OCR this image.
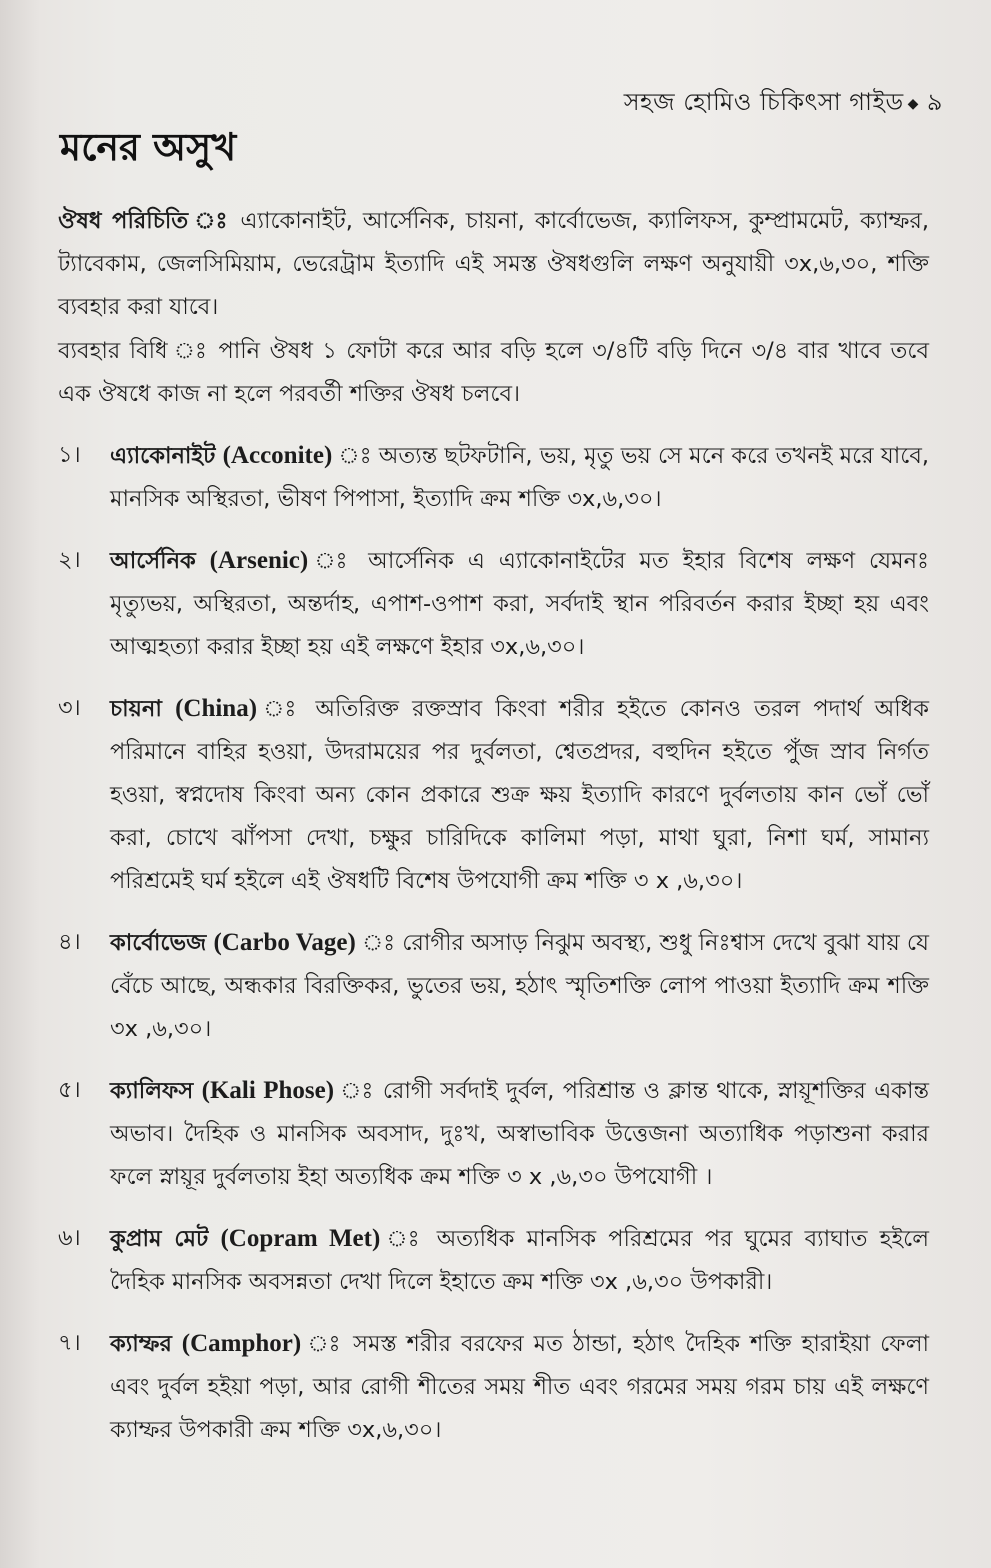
সহজ হোমিও চিকিৎসা গাইড ◆ ৯
মনের অসুখ

ঔষধ পরিচিতি ঃ এ্যাকোনাইট, আর্সেনিক, চায়না, কার্বোভেজ, ক্যালিফস, কুম্প্রামমেট, ক্যাম্ফর, ট্যাবেকাম, জেলসিমিয়াম, ভেরেট্রাম ইত্যাদি এই সমস্ত ঔষধগুলি লক্ষণ অনুযায়ী ৩x,৬,৩০, শক্তি ব্যবহার করা যাবে।

ব্যবহার বিধি ঃ পানি ঔষধ ১ ফোটা করে আর বড়ি হলে ৩/৪টি বড়ি দিনে ৩/৪ বার খাবে তবে এক ঔষধে কাজ না হলে পরবর্তী শক্তির ঔষধ চলবে।

১।	এ্যাকোনাইট (Acconite) ঃ অত্যন্ত ছটফটানি, ভয়, মৃতু ভয় সে মনে করে তখনই মরে যাবে, মানসিক অস্থিরতা, ভীষণ পিপাসা, ইত্যাদি ক্রম শক্তি ৩x,৬,৩০।
২।	আর্সেনিক (Arsenic) ঃ আর্সেনিক এ এ্যাকোনাইটের মত ইহার বিশেষ লক্ষণ যেমনঃ মৃত্যুভয়, অস্থিরতা, অন্তর্দাহ, এপাশ-ওপাশ করা, সর্বদাই স্থান পরিবর্তন করার ইচ্ছা হয় এবং আত্মহত্যা করার ইচ্ছা হয় এই লক্ষণে ইহার ৩x,৬,৩০।
৩।	চায়না (China) ঃ অতিরিক্ত রক্তস্রাব কিংবা শরীর হইতে কোনও তরল পদার্থ অধিক পরিমানে বাহির হওয়া, উদরাময়ের পর দুর্বলতা, শ্বেতপ্রদর, বহুদিন হইতে পুঁজ স্রাব নির্গত হওয়া, স্বপ্নদোষ কিংবা অন্য কোন প্রকারে শুক্র ক্ষয় ইত্যাদি কারণে দুর্বলতায় কান ভোঁ ভোঁ করা, চোখে ঝাঁপসা দেখা, চক্ষুর চারিদিকে কালিমা পড়া, মাথা ঘুরা, নিশা ঘর্ম, সামান্য পরিশ্রমেই ঘর্ম হইলে এই ঔষধটি বিশেষ উপযোগী ক্রম শক্তি ৩ x ,৬,৩০।
৪।	কার্বোভেজ (Carbo Vage) ঃ রোগীর অসাড় নিঝুম অবস্থ্য, শুধু নিঃশ্বাস দেখে বুঝা যায় যে বেঁচে আছে, অন্ধকার বিরক্তিকর, ভুতের ভয়, হঠাৎ স্মৃতিশক্তি লোপ পাওয়া ইত্যাদি ক্রম শক্তি ৩x ,৬,৩০।
৫।	ক্যালিফস (Kali Phose) ঃ রোগী সর্বদাই দুর্বল, পরিশ্রান্ত ও ক্লান্ত থাকে, স্নায়ূশক্তির একান্ত অভাব। দৈহিক ও মানসিক অবসাদ, দুঃখ, অস্বাভাবিক উত্তেজনা অত্যাধিক পড়াশুনা করার ফলে স্নায়ূর দুর্বলতায় ইহা অত্যধিক ক্রম শক্তি ৩ x ,৬,৩০ উপযোগী ।
৬।	কুপ্রাম মেট (Copram Met) ঃ অত্যধিক মানসিক পরিশ্রমের পর ঘুমের ব্যাঘাত হইলে দৈহিক মানসিক অবসন্নতা দেখা দিলে ইহাতে ক্রম শক্তি ৩x ,৬,৩০ উপকারী।
৭।	ক্যাম্ফর (Camphor) ঃ সমস্ত শরীর বরফের মত ঠান্ডা, হঠাৎ দৈহিক শক্তি হারাইয়া ফেলা এবং দুর্বল হইয়া পড়া, আর রোগী শীতের সময় শীত এবং গরমের সময় গরম চায় এই লক্ষণে ক্যাম্ফর উপকারী ক্রম শক্তি ৩x,৬,৩০।
